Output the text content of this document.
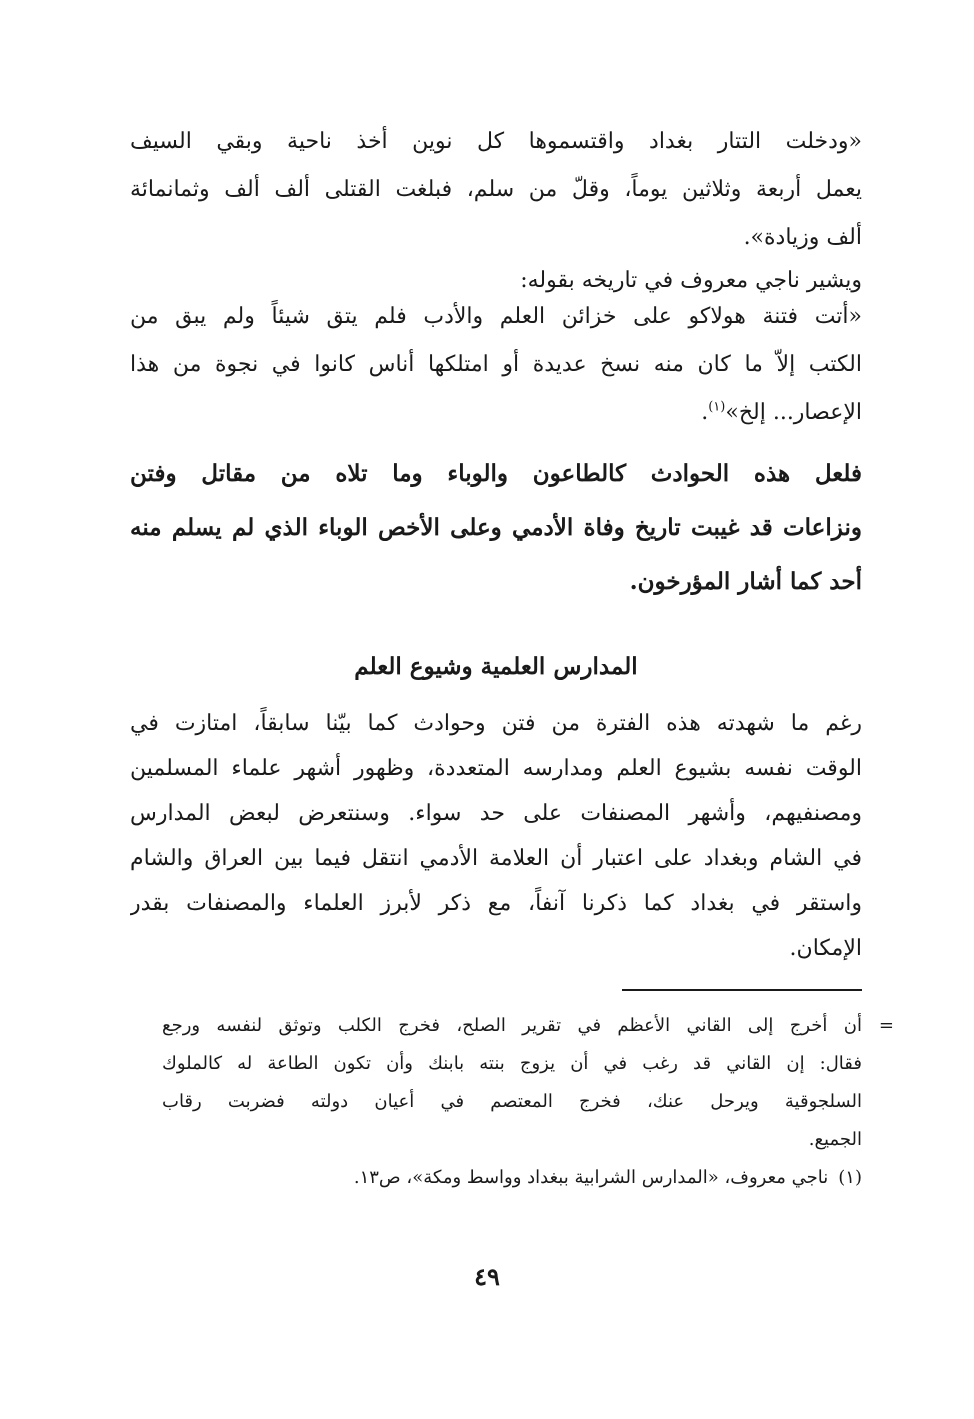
«ودخلت التتار بغداد واقتسموها كل نوين أخذ ناحية وبقي السيف
يعمل أربعة وثلاثين يوماً، وقلّ من سلم، فبلغت القتلى ألف ألف وثمانمائة
ألف وزيادة».
ويشير ناجي معروف في تاريخه بقوله:
«أتت فتنة هولاكو على خزائن العلم والأدب فلم يتق شيئاً ولم يبق من
الكتب إلاّ ما كان منه نسخ عديدة أو امتلكها أناس كانوا في نجوة من هذا
الإعصار... إلخ»$^{(١)}$.
فلعل هذه الحوادث كالطاعون والوباء وما تلاه من مقاتل وفتن
ونزاعات قد غيبت تاريخ وفاة الأدمي وعلى الأخص الوباء الذي لم يسلم منه
أحد كما أشار المؤرخون.
المدارس العلمية وشيوع العلم
رغم ما شهدته هذه الفترة من فتن وحوادث كما بيّنا سابقاً، امتازت في
الوقت نفسه بشيوع العلم ومدارسه المتعددة، وظهور أشهر علماء المسلمين
ومصنفيهم، وأشهر المصنفات على حد سواء. وسنتعرض لبعض المدارس
في الشام وبغداد على اعتبار أن العلامة الأدمي انتقل فيما بين العراق والشام
واستقر في بغداد كما ذكرنا آنفاً، مع ذكر لأبرز العلماء والمصنفات بقدر
الإمكان.
=
أن أخرج إلى القاني الأعظم في تقرير الصلح، فخرج الكلب وتوثق لنفسه ورجع
فقال: إن القاني قد رغب في أن يزوج بنته بابنك وأن تكون الطاعة له كالملوك
السلجوقية ويرحل عنك، فخرج المعتصم في أعيان دولته فضربت رقاب
الجميع.
(١)ناجي معروف، «المدارس الشرابية ببغداد وواسط ومكة»، ص١٣.
٤٩
